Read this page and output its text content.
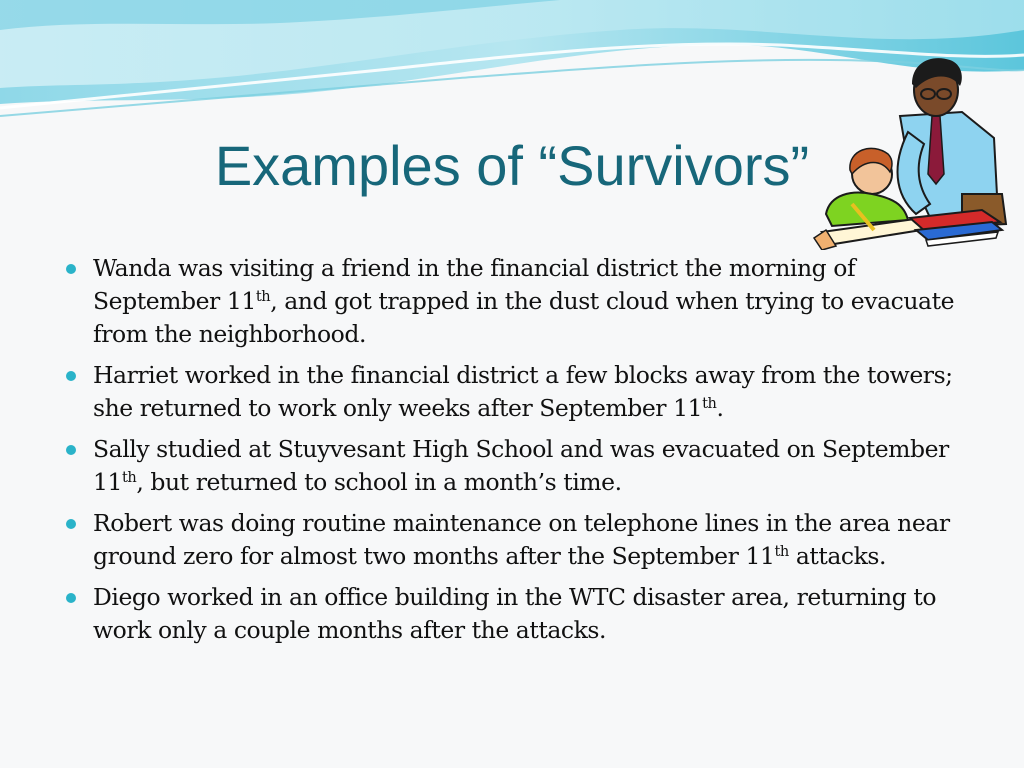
Examples of “Survivors”
Wanda was visiting a friend in the financial district the morning of September 11th, and got trapped in the dust cloud when trying to evacuate from the neighborhood.
Harriet worked in the financial district a few blocks away from the towers; she returned to work only weeks after September 11th.
Sally studied at Stuyvesant High School and was evacuated on September 11th, but returned to school in a month’s time.
Robert was doing routine maintenance on telephone lines in the area near ground zero for almost two months after the September 11th attacks.
Diego worked in an office building in the WTC disaster area, returning to work only a couple months after the attacks.
